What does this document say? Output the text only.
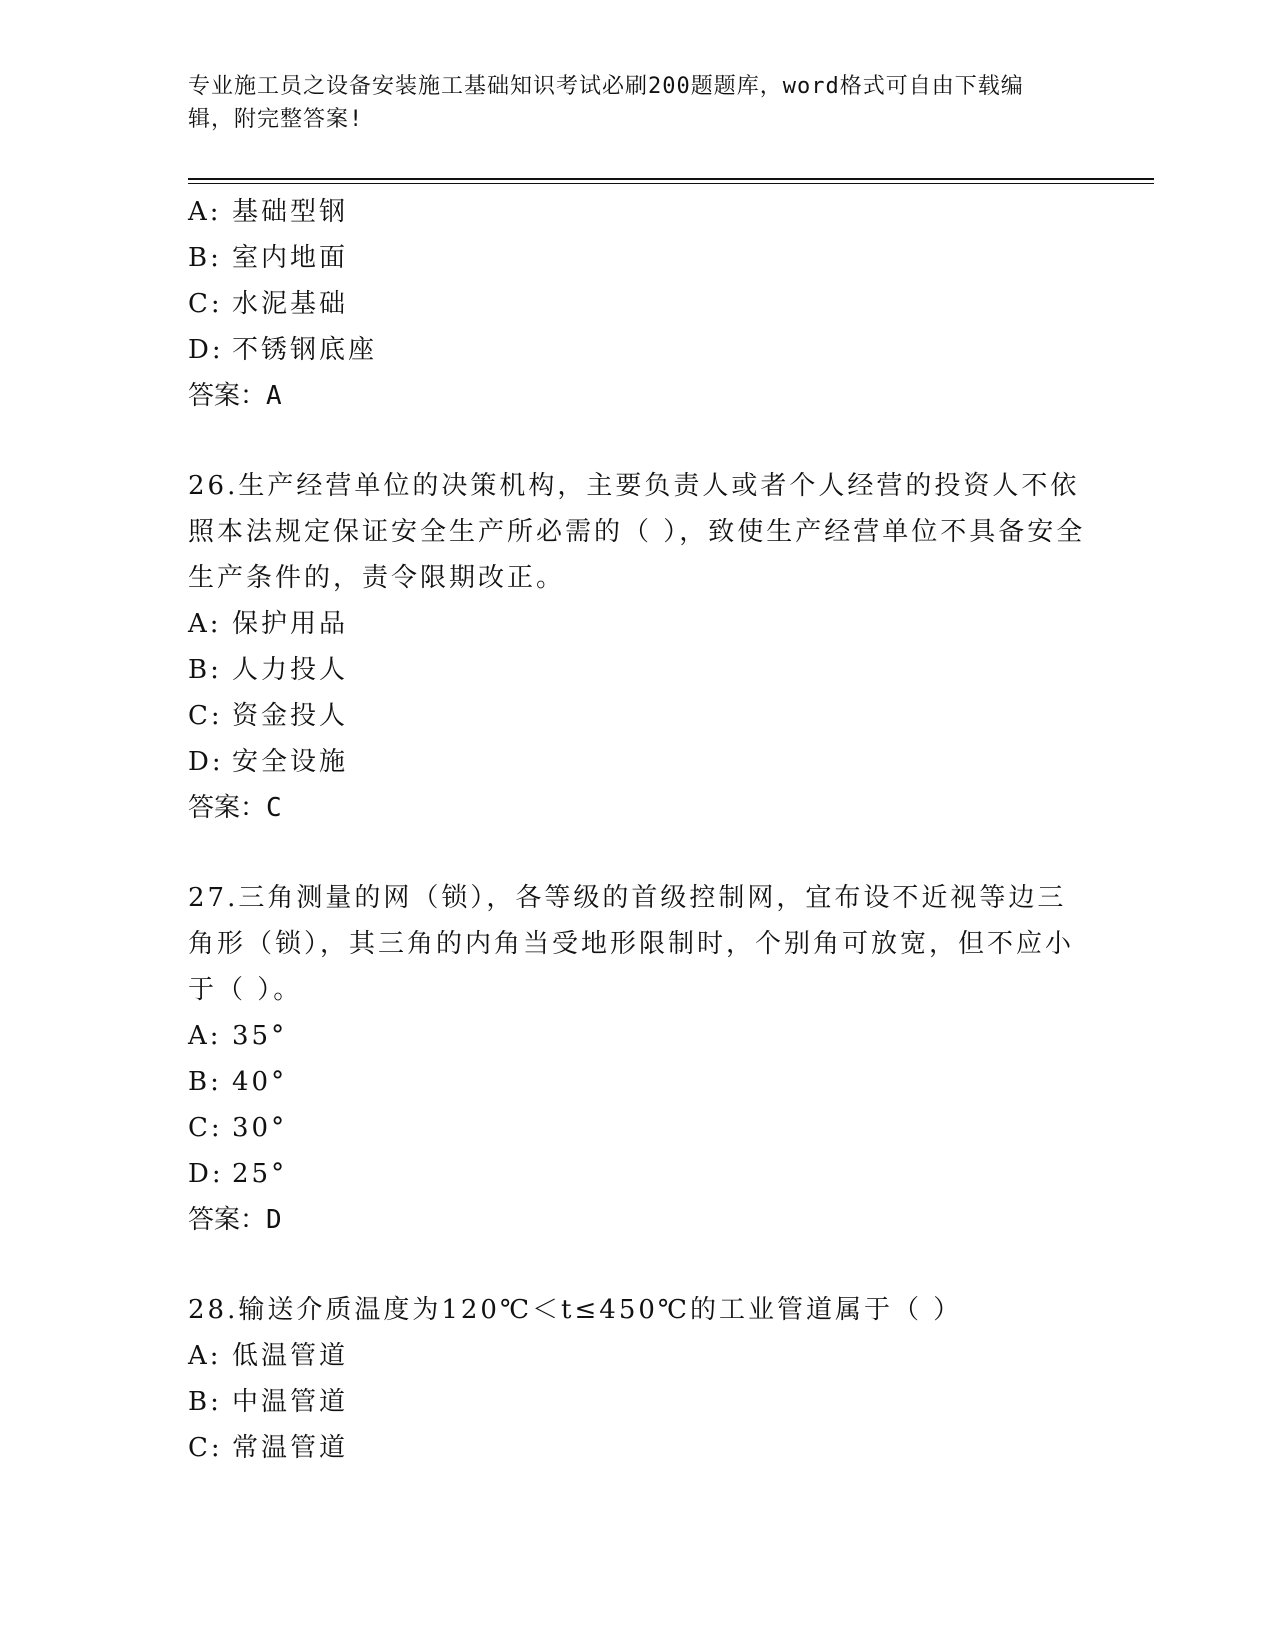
专业施工员之设备安装施工基础知识考试必刷200题题库，word格式可自由下载编辑，附完整答案!
A: 基础型钢
B: 室内地面
C: 水泥基础
D: 不锈钢底座
答案：A
26.生产经营单位的决策机构，主要负责人或者个人经营的投资人不依照本法规定保证安全生产所必需的（ ），致使生产经营单位不具备安全生产条件的，责令限期改正。
A: 保护用品
B: 人力投人
C: 资金投人
D: 安全设施
答案：C
27.三角测量的网（锁），各等级的首级控制网，宜布设不近视等边三角形（锁），其三角的内角当受地形限制时，个别角可放宽，但不应小于（ ）。
A: 35°
B: 40°
C: 30°
D: 25°
答案：D
28.输送介质温度为120℃＜t≤450℃的工业管道属于（ ）
A: 低温管道
B: 中温管道
C: 常温管道
